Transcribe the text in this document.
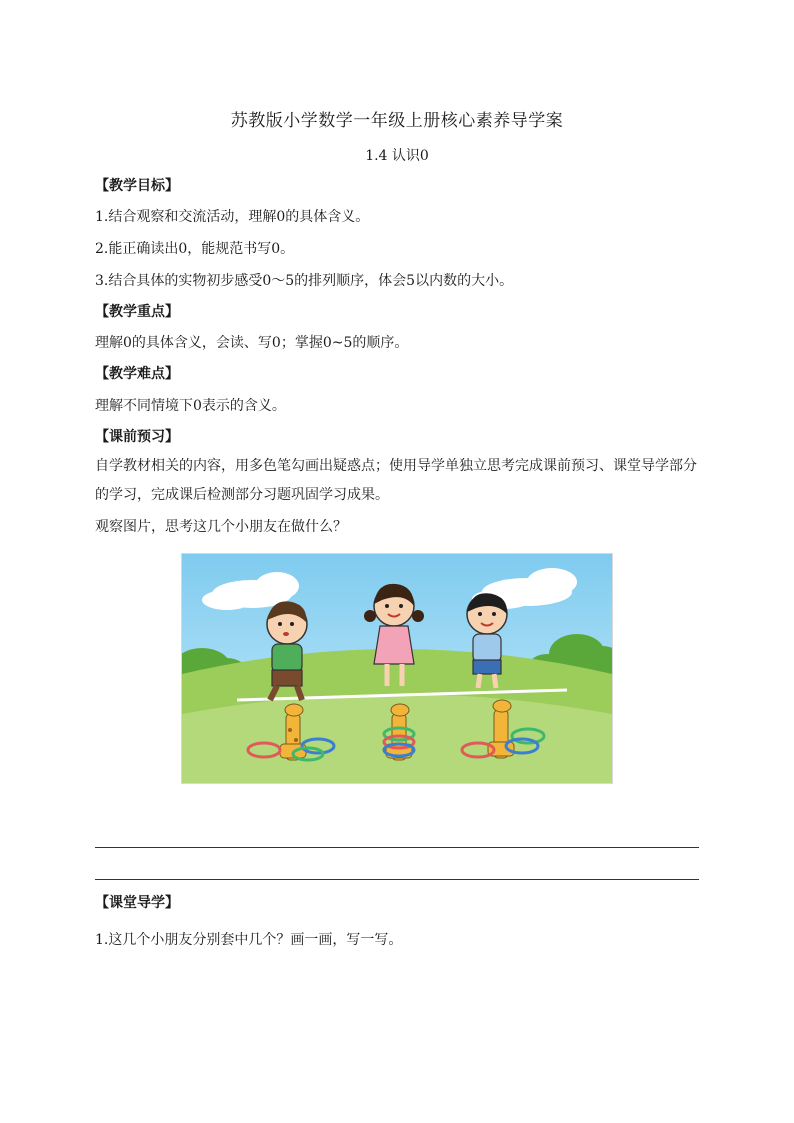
苏教版小学数学一年级上册核心素养导学案
1.4 认识0
【教学目标】
1.结合观察和交流活动，理解0的具体含义。
2.能正确读出0，能规范书写0。
3.结合具体的实物初步感受0～5的排列顺序，体会5以内数的大小。
【教学重点】
理解0的具体含义，会读、写0；掌握0~5的顺序。
【教学难点】
理解不同情境下0表示的含义。
【课前预习】
自学教材相关的内容，用多色笔勾画出疑惑点；使用导学单独立思考完成课前预习、课堂导学部分的学习，完成课后检测部分习题巩固学习成果。
观察图片，思考这几个小朋友在做什么？
【课堂导学】
1.这几个小朋友分别套中几个？画一画，写一写。
